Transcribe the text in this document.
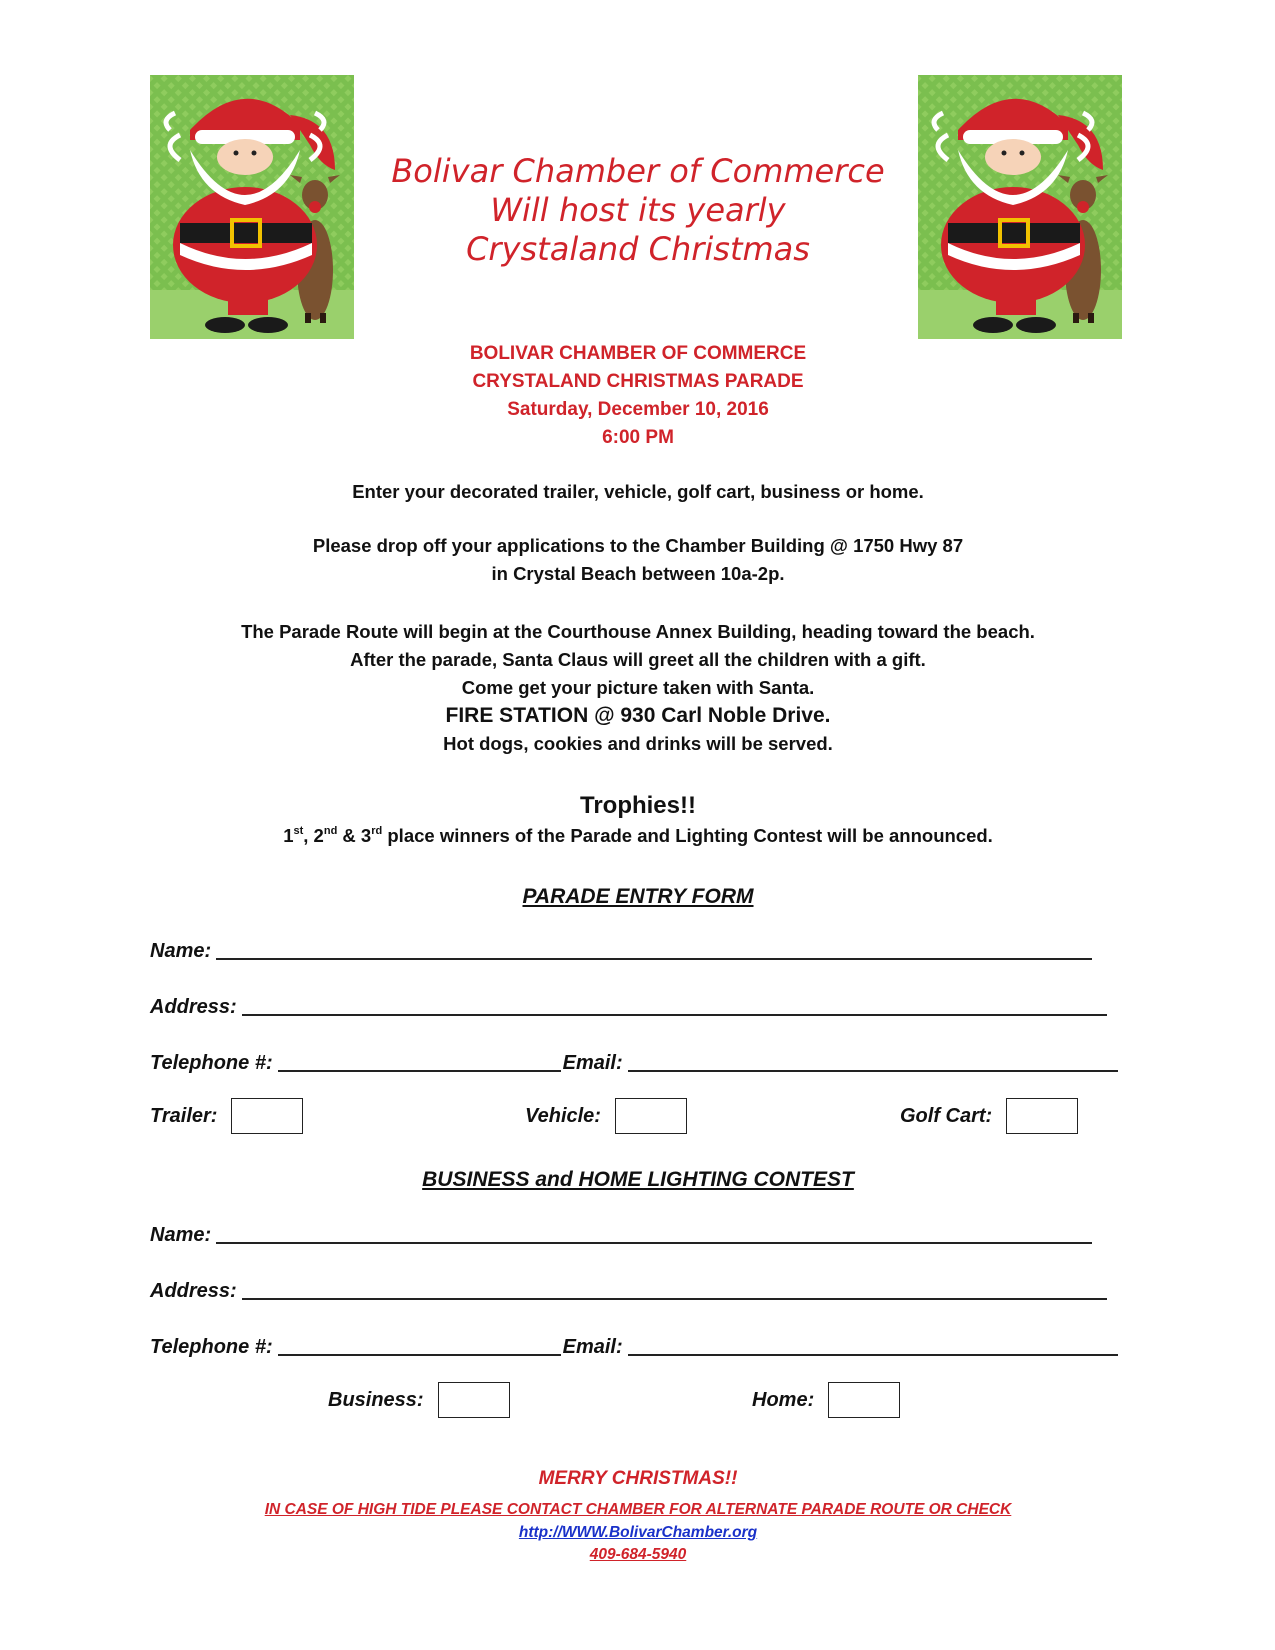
Bolivar Chamber of Commerce
Will host its yearly
Crystaland Christmas
BOLIVAR CHAMBER OF COMMERCE
CRYSTALAND CHRISTMAS PARADE
Saturday, December 10, 2016
6:00 PM
Enter your decorated trailer, vehicle, golf cart, business or home.
Please drop off your applications to the Chamber Building @ 1750 Hwy 87
in Crystal Beach between 10a-2p.
The Parade Route will begin at the Courthouse Annex Building, heading toward the beach.
After the parade, Santa Claus will greet all the children with a gift.
Come get your picture taken with Santa.
FIRE STATION @ 930 Carl Noble Drive.
Hot dogs, cookies and drinks will be served.
Trophies!!
1st, 2nd & 3rd place winners of the Parade and Lighting Contest will be announced.
PARADE ENTRY FORM
Name:
Address:
Telephone #:	Email:
Trailer:	Vehicle:	Golf Cart:
BUSINESS and HOME LIGHTING CONTEST
Name:
Address:
Telephone #:	Email:
Business:	Home:
MERRY CHRISTMAS!!
IN CASE OF HIGH TIDE PLEASE CONTACT CHAMBER FOR ALTERNATE PARADE ROUTE OR CHECK
http://WWW.BolivarChamber.org
409-684-5940
